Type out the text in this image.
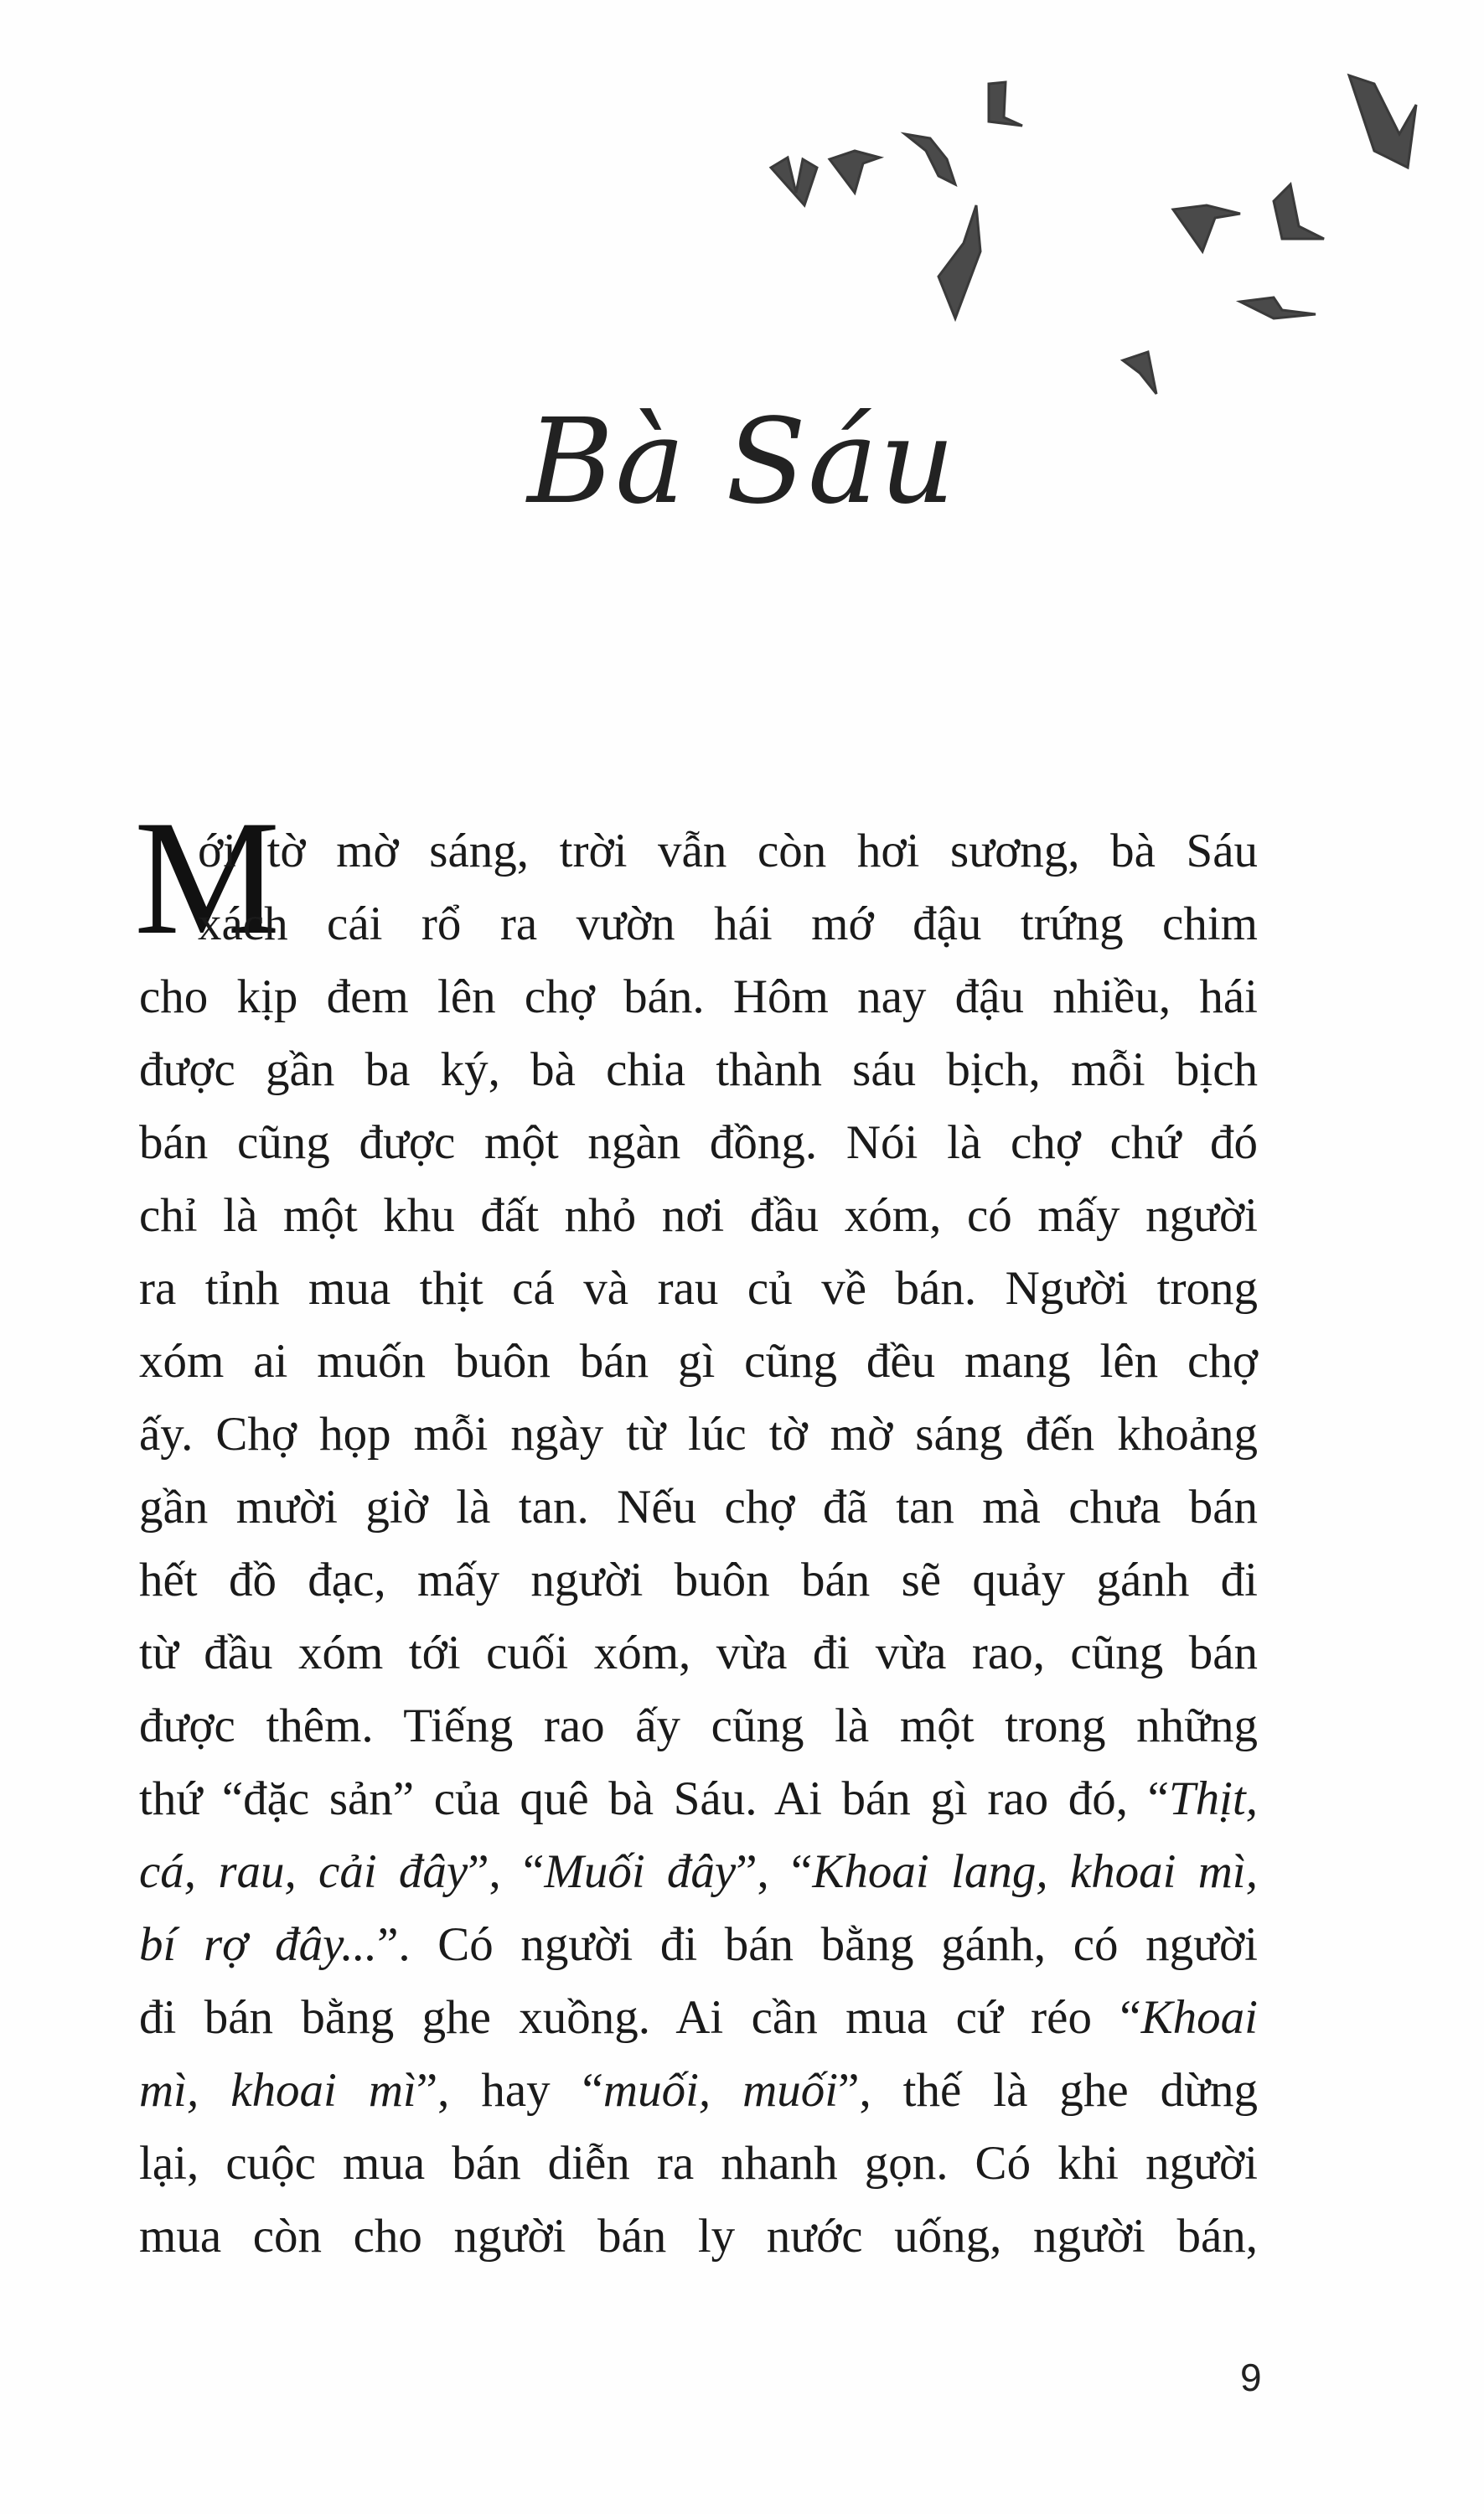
Bà Sáu
M
ới tờ mờ sáng, trời vẫn còn hơi sương, bà Sáu
xách cái rổ ra vườn hái mớ đậu trứng chim
cho kịp đem lên chợ bán. Hôm nay đậu nhiều, hái
được gần ba ký, bà chia thành sáu bịch, mỗi bịch
bán cũng được một ngàn đồng. Nói là chợ chứ đó
chỉ là một khu đất nhỏ nơi đầu xóm, có mấy người
ra tỉnh mua thịt cá và rau củ về bán. Người trong
xóm ai muốn buôn bán gì cũng đều mang lên chợ
ấy. Chợ họp mỗi ngày từ lúc tờ mờ sáng đến khoảng
gần mười giờ là tan. Nếu chợ đã tan mà chưa bán
hết đồ đạc, mấy người buôn bán sẽ quảy gánh đi
từ đầu xóm tới cuối xóm, vừa đi vừa rao, cũng bán
được thêm. Tiếng rao ấy cũng là một trong những
thứ “đặc sản” của quê bà Sáu. Ai bán gì rao đó, “Thịt,
cá, rau, cải đây”, “Muối đây”, “Khoai lang, khoai mì,
bí rợ đây...”. Có người đi bán bằng gánh, có người
đi bán bằng ghe xuồng. Ai cần mua cứ réo “Khoai
mì, khoai mì”, hay “muối, muối”, thế là ghe dừng
lại, cuộc mua bán diễn ra nhanh gọn. Có khi người
mua còn cho người bán ly nước uống, người bán,
9
